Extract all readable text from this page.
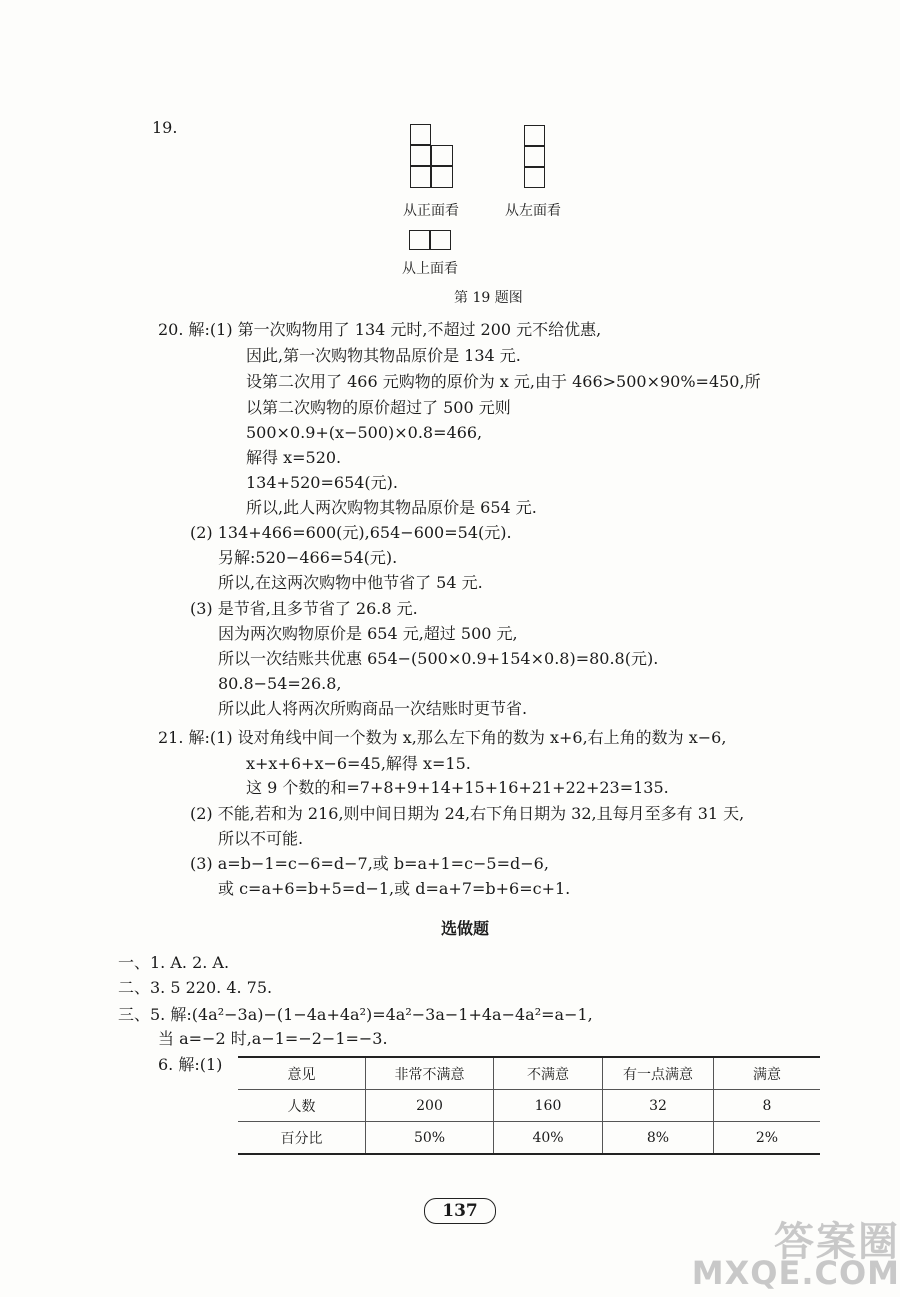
19.
从正面看	从左面看
从上面看
第 19 题图
20. 解:(1) 第一次购物用了 134 元时,不超过 200 元不给优惠,
因此,第一次购物其物品原价是 134 元.
设第二次用了 466 元购物的原价为 x 元,由于 466>500×90%=450,所
以第二次购物的原价超过了 500 元则
500×0.9+(x−500)×0.8=466,
解得 x=520.
134+520=654(元).
所以,此人两次购物其物品原价是 654 元.
(2) 134+466=600(元),654−600=54(元).
另解:520−466=54(元).
所以,在这两次购物中他节省了 54 元.
(3) 是节省,且多节省了 26.8 元.
因为两次购物原价是 654 元,超过 500 元,
所以一次结账共优惠 654−(500×0.9+154×0.8)=80.8(元).
80.8−54=26.8,
所以此人将两次所购商品一次结账时更节省.
21. 解:(1) 设对角线中间一个数为 x,那么左下角的数为 x+6,右上角的数为 x−6,
x+x+6+x−6=45,解得 x=15.
这 9 个数的和=7+8+9+14+15+16+21+22+23=135.
(2) 不能,若和为 216,则中间日期为 24,右下角日期为 32,且每月至多有 31 天,
所以不可能.
(3) a=b−1=c−6=d−7,或 b=a+1=c−5=d−6,
或 c=a+6=b+5=d−1,或 d=a+7=b+6=c+1.
选做题
一、1. A. 2. A.
二、3. 5 220. 4. 75.
三、5. 解:(4a²−3a)−(1−4a+4a²)=4a²−3a−1+4a−4a²=a−1,
当 a=−2 时,a−1=−2−1=−3.
6. 解:(1)
意见	非常不满意	不满意	有一点满意	满意
人数	200	160	32	8
百分比	50%	40%	8%	2%
137
答案圈
MXQE.COM
